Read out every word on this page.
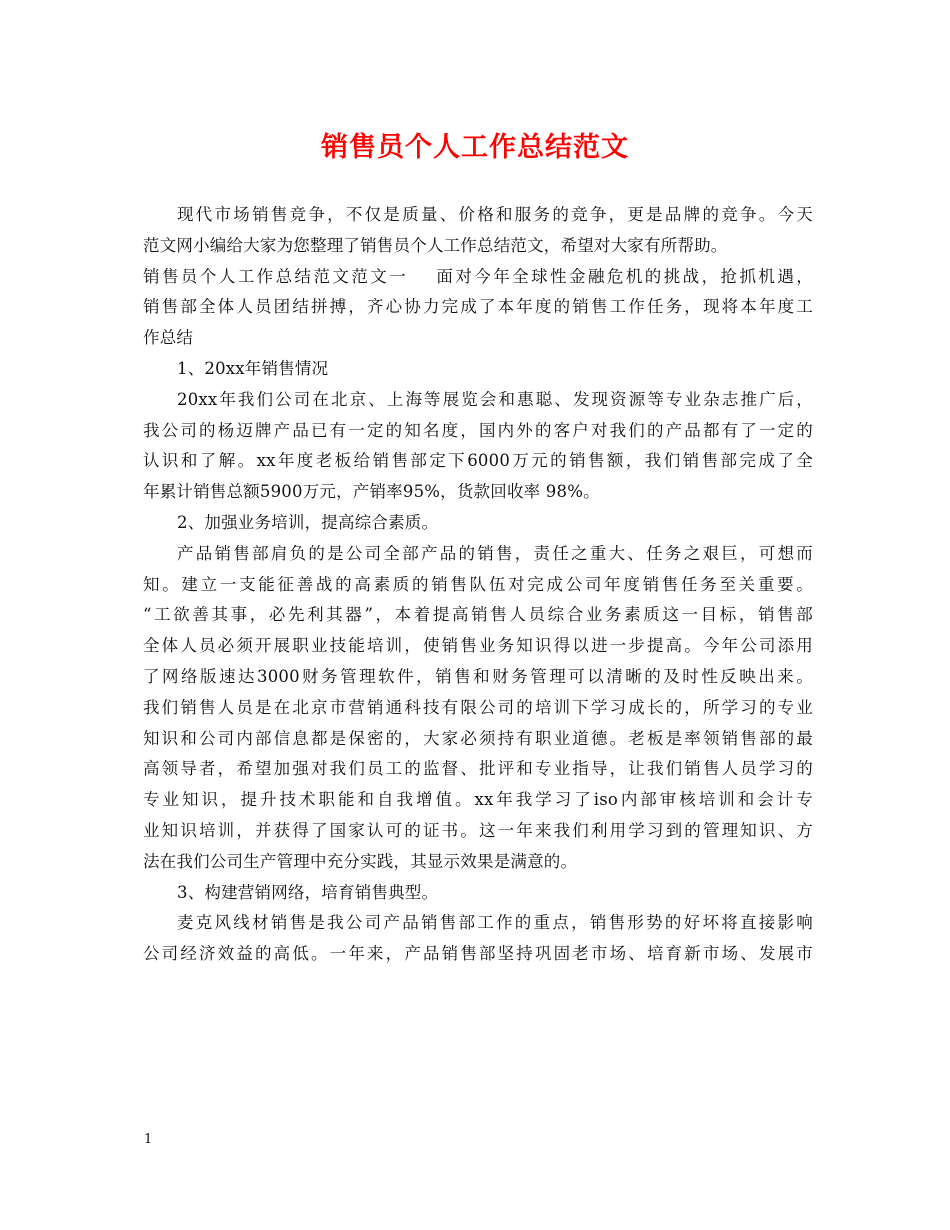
销售员个人工作总结范文
现代市场销售竞争，不仅是质量、价格和服务的竞争，更是品牌的竞争。今天
范文网小编给大家为您整理了销售员个人工作总结范文，希望对大家有所帮助。
销售员个人工作总结范文范文一 面对今年全球性金融危机的挑战，抢抓机遇，
销售部全体人员团结拼搏，齐心协力完成了本年度的销售工作任务，现将本年度工
作总结
1、20xx年销售情况
20xx年我们公司在北京、上海等展览会和惠聪、发现资源等专业杂志推广后，
我公司的杨迈牌产品已有一定的知名度，国内外的客户对我们的产品都有了一定的
认识和了解。xx年度老板给销售部定下6000万元的销售额，我们销售部完成了全
年累计销售总额5900万元，产销率95%，货款回收率 98%。
2、加强业务培训，提高综合素质。
产品销售部肩负的是公司全部产品的销售，责任之重大、任务之艰巨，可想而
知。建立一支能征善战的高素质的销售队伍对完成公司年度销售任务至关重要。
“工欲善其事，必先利其器”，本着提高销售人员综合业务素质这一目标，销售部
全体人员必须开展职业技能培训，使销售业务知识得以进一步提高。今年公司添用
了网络版速达3000财务管理软件，销售和财务管理可以清晰的及时性反映出来。
我们销售人员是在北京市营销通科技有限公司的培训下学习成长的，所学习的专业
知识和公司内部信息都是保密的，大家必须持有职业道德。老板是率领销售部的最
高领导者，希望加强对我们员工的监督、批评和专业指导，让我们销售人员学习的
专业知识，提升技术职能和自我增值。xx年我学习了iso内部审核培训和会计专
业知识培训，并获得了国家认可的证书。这一年来我们利用学习到的管理知识、方
法在我们公司生产管理中充分实践，其显示效果是满意的。
3、构建营销网络，培育销售典型。
麦克风线材销售是我公司产品销售部工作的重点，销售形势的好坏将直接影响
公司经济效益的高低。一年来，产品销售部坚持巩固老市场、培育新市场、发展市
1
